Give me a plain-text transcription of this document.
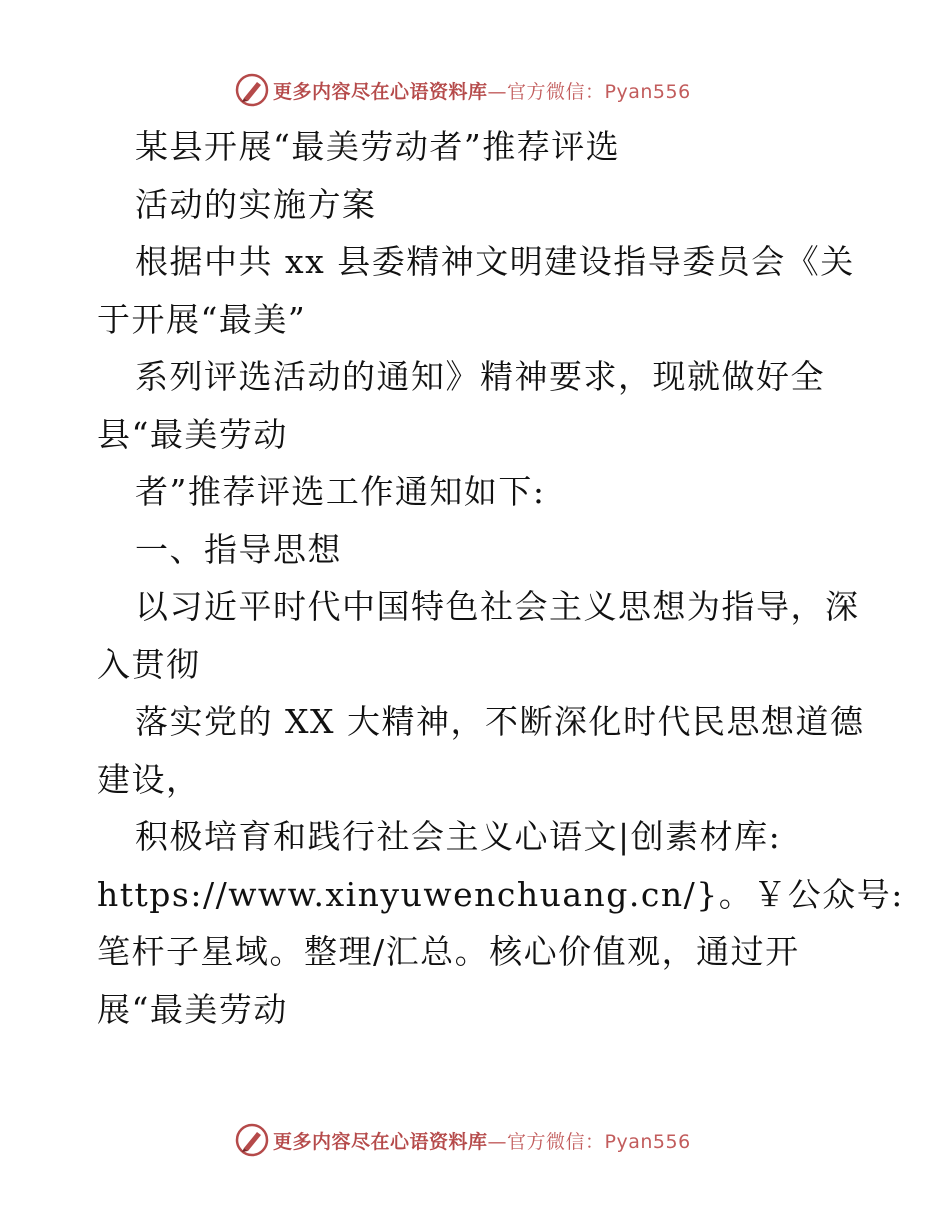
更多内容尽在心语资料库—官方微信：Pyan556
某县开展“最美劳动者”推荐评选
活动的实施方案
根据中共 xx 县委精神文明建设指导委员会《关
于开展“最美”
系列评选活动的通知》精神要求，现就做好全
县“最美劳动
者”推荐评选工作通知如下:
一、指导思想
以习近平时代中国特色社会主义思想为指导，深
入贯彻
落实党的 XX 大精神，不断深化时代民思想道德
建设，
积极培育和践行社会主义心语文|创素材库:
https://www.xinyuwenchuang.cn/}。￥公众号:
笔杆子星域。整理/汇总。核心价值观，通过开
展“最美劳动
更多内容尽在心语资料库—官方微信：Pyan556
